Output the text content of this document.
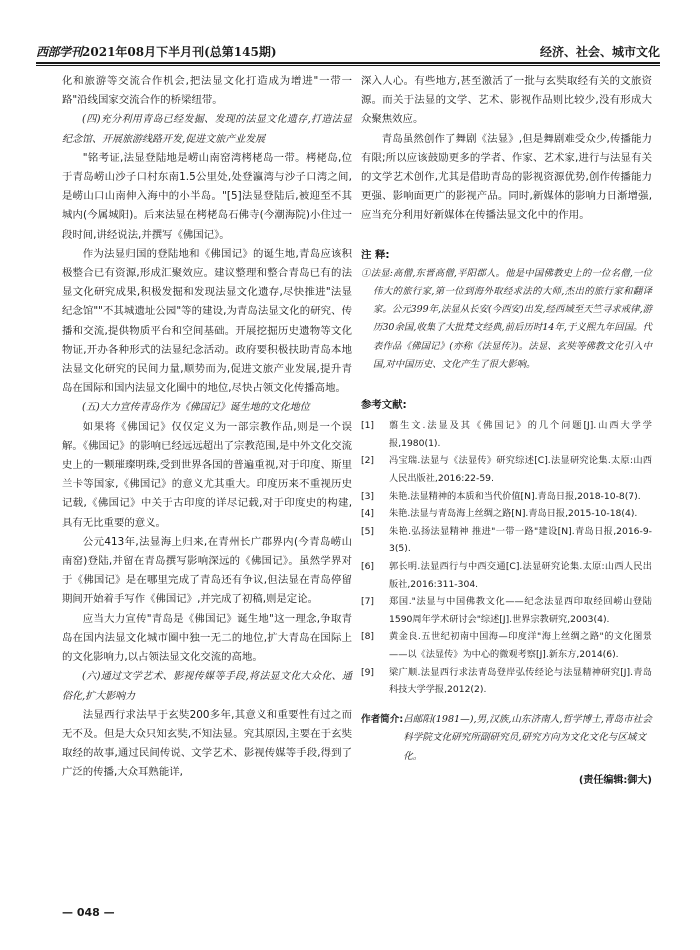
西部学刊2021年08月下半月刊(总第145期)	经济、社会、城市文化

化和旅游等交流合作机会,把法显文化打造成为增进"一带一路"沿线国家交流合作的桥梁纽带。

(四)充分利用青岛已经发掘、发现的法显文化遗存,打造法显纪念馆、开展旅游线路开发,促进文旅产业发展

"铭考证,法显登陆地是崂山南窑湾栲栳岛一带。栲栳岛,位于青岛崂山沙子口村东南1.5公里处,处登瀛湾与沙子口湾之间,是崂山口山南伸入海中的小半岛。"[5]法显登陆后,被迎至不其城内(今属城阳)。后来法显在栲栳岛石佛寺(今潮海院)小住过一段时间,讲经说法,并撰写《佛国记》。

作为法显归国的登陆地和《佛国记》的诞生地,青岛应该积极整合已有资源,形成汇聚效应。建议整理和整合青岛已有的法显文化研究成果,积极发掘和发现法显文化遗存,尽快推进"法显纪念馆""不其城遗址公园"等的建设,为青岛法显文化的研究、传播和交流,提供物质平台和空间基础。开展挖掘历史遗物等文化物证,开办各种形式的法显纪念活动。政府要积极扶助青岛本地法显文化研究的民间力量,顺势而为,促进文旅产业发展,提升青岛在国际和国内法显文化圈中的地位,尽快占领文化传播高地。

(五)大力宣传青岛作为《佛国记》诞生地的文化地位

如果将《佛国记》仅仅定义为一部宗教作品,则是一个误解。《佛国记》的影响已经远远超出了宗教范围,是中外文化交流史上的一颗璀璨明珠,受到世界各国的普遍重视,对于印度、斯里兰卡等国家,《佛国记》的意义尤其重大。印度历来不重视历史记载,《佛国记》中关于古印度的详尽记载,对于印度史的构建,具有无比重要的意义。

公元413年,法显海上归来,在青州长广郡界内(今青岛崂山南窑)登陆,并留在青岛撰写影响深远的《佛国记》。虽然学界对于《佛国记》是在哪里完成了青岛还有争议,但法显在青岛停留期间开始着手写作《佛国记》,并完成了初稿,则是定论。

应当大力宣传"青岛是《佛国记》诞生地"这一理念,争取青岛在国内法显文化城市圈中独一无二的地位,扩大青岛在国际上的文化影响力,以占领法显文化交流的高地。

(六)通过文学艺术、影视传媒等手段,将法显文化大众化、通俗化,扩大影响力

法显西行求法早于玄奘200多年,其意义和重要性有过之而无不及。但是大众只知玄奘,不知法显。究其原因,主要在于玄奘取经的故事,通过民间传说、文学艺术、影视传媒等手段,得到了广泛的传播,大众耳熟能详,

深入人心。有些地方,甚至激活了一批与玄奘取经有关的文旅资源。而关于法显的文学、艺术、影视作品则比较少,没有形成大众聚焦效应。

青岛虽然创作了舞剧《法显》,但是舞剧难受众少,传播能力有限;所以应该鼓励更多的学者、作家、艺术家,进行与法显有关的文学艺术创作,尤其是借助青岛的影视资源优势,创作传播能力更强、影响面更广的影视产品。同时,新媒体的影响力日渐增强,应当充分利用好新媒体在传播法显文化中的作用。

注 释:
①法显:高僧,东晋高僧,平阳郡人。他是中国佛教史上的一位名僧,一位伟大的旅行家,第一位到海外取经求法的大师,杰出的旅行家和翻译家。公元399年,法显从长安(今西安)出发,经西域至天竺寻求戒律,游历30余国,收集了大批梵文经典,前后历时14年,于义熙九年回国。代表作品《佛国记》(亦称《法显传》)。法显、玄奘等佛教文化引入中国,对中国历史、文化产生了很大影响。
参考文献:
[1]	翦生文.法显及其《佛国记》的几个问题[J].山西大学学报,1980(1).
[2]	冯宝瑞.法显与《法显传》研究综述[C].法显研究论集.太原:山西人民出版社,2016:22-59.
[3]	朱艳.法显精神的本质和当代价值[N].青岛日报,2018-10-8(7).
[4]	朱艳.法显与青岛海上丝绸之路[N].青岛日报,2015-10-18(4).
[5]	朱艳.弘扬法显精神 推进"一带一路"建设[N].青岛日报,2016-9-3(5).
[6]	郭长明.法显西行与中西交通[C].法显研究论集.太原:山西人民出版社,2016:311-304.
[7]	郑国."法显与中国佛教文化——纪念法显西印取经回崂山登陆1590周年学术研讨会"综述[J].世界宗教研究,2003(4).
[8]	黄金良.五世纪初南中国海—印度洋"海上丝绸之路"的文化图景——以《法显传》为中心的微观考察[J].新东方,2014(6).
[9]	梁广顺.法显西行求法青岛登岸弘传经论与法显精神研究[J].青岛科技大学学报,2012(2).
作者简介: 吕邮阳(1981—),男,汉族,山东济南人,哲学博士,青岛市社会科学院文化研究所副研究员,研究方向为文化文化与区域文化。
(责任编辑:御大)
— 048 —
